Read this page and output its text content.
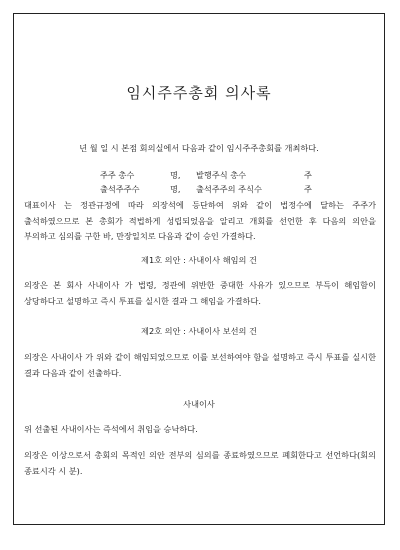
임시주주총회 의사록
년 월 일 시 본점 회의실에서 다음과 같이 임시주주총회를 개최하다.
주주 총수	명, 발행주식 총수	주
출석주주수	명, 출석주주의 주식수	주
대표이사 는 정관규정에 따라 의장석에 등단하여 위와 같이 법정수에 달하는 주주가 출석하였으므로 본 총회가 적법하게 성립되었음을 알리고 개회를 선언한 후 다음의 의안을 부의하고 심의를 구한 바, 만장일치로 다음과 같이 승인 가결하다.
제1호 의안 : 사내이사 해임의 건
의장은 본 회사 사내이사 가 법령, 정관에 위반한 중대한 사유가 있으므로 부득이 해임함이 상당하다고 설명하고 즉시 투표를 실시한 결과 그 해임을 가결하다.
제2호 의안 : 사내이사 보선의 건
의장은 사내이사 가 위와 같이 해임되었으므로 이를 보선하여야 함을 설명하고 즉시 투표를 실시한 결과 다음과 같이 선출하다.
사내이사
위 선출된 사내이사는 즉석에서 취임을 승낙하다.
의장은 이상으로서 총회의 목적인 의안 전부의 심의를 종료하였으므로 폐회한다고 선언하다(회의 종료시각 시 분).
